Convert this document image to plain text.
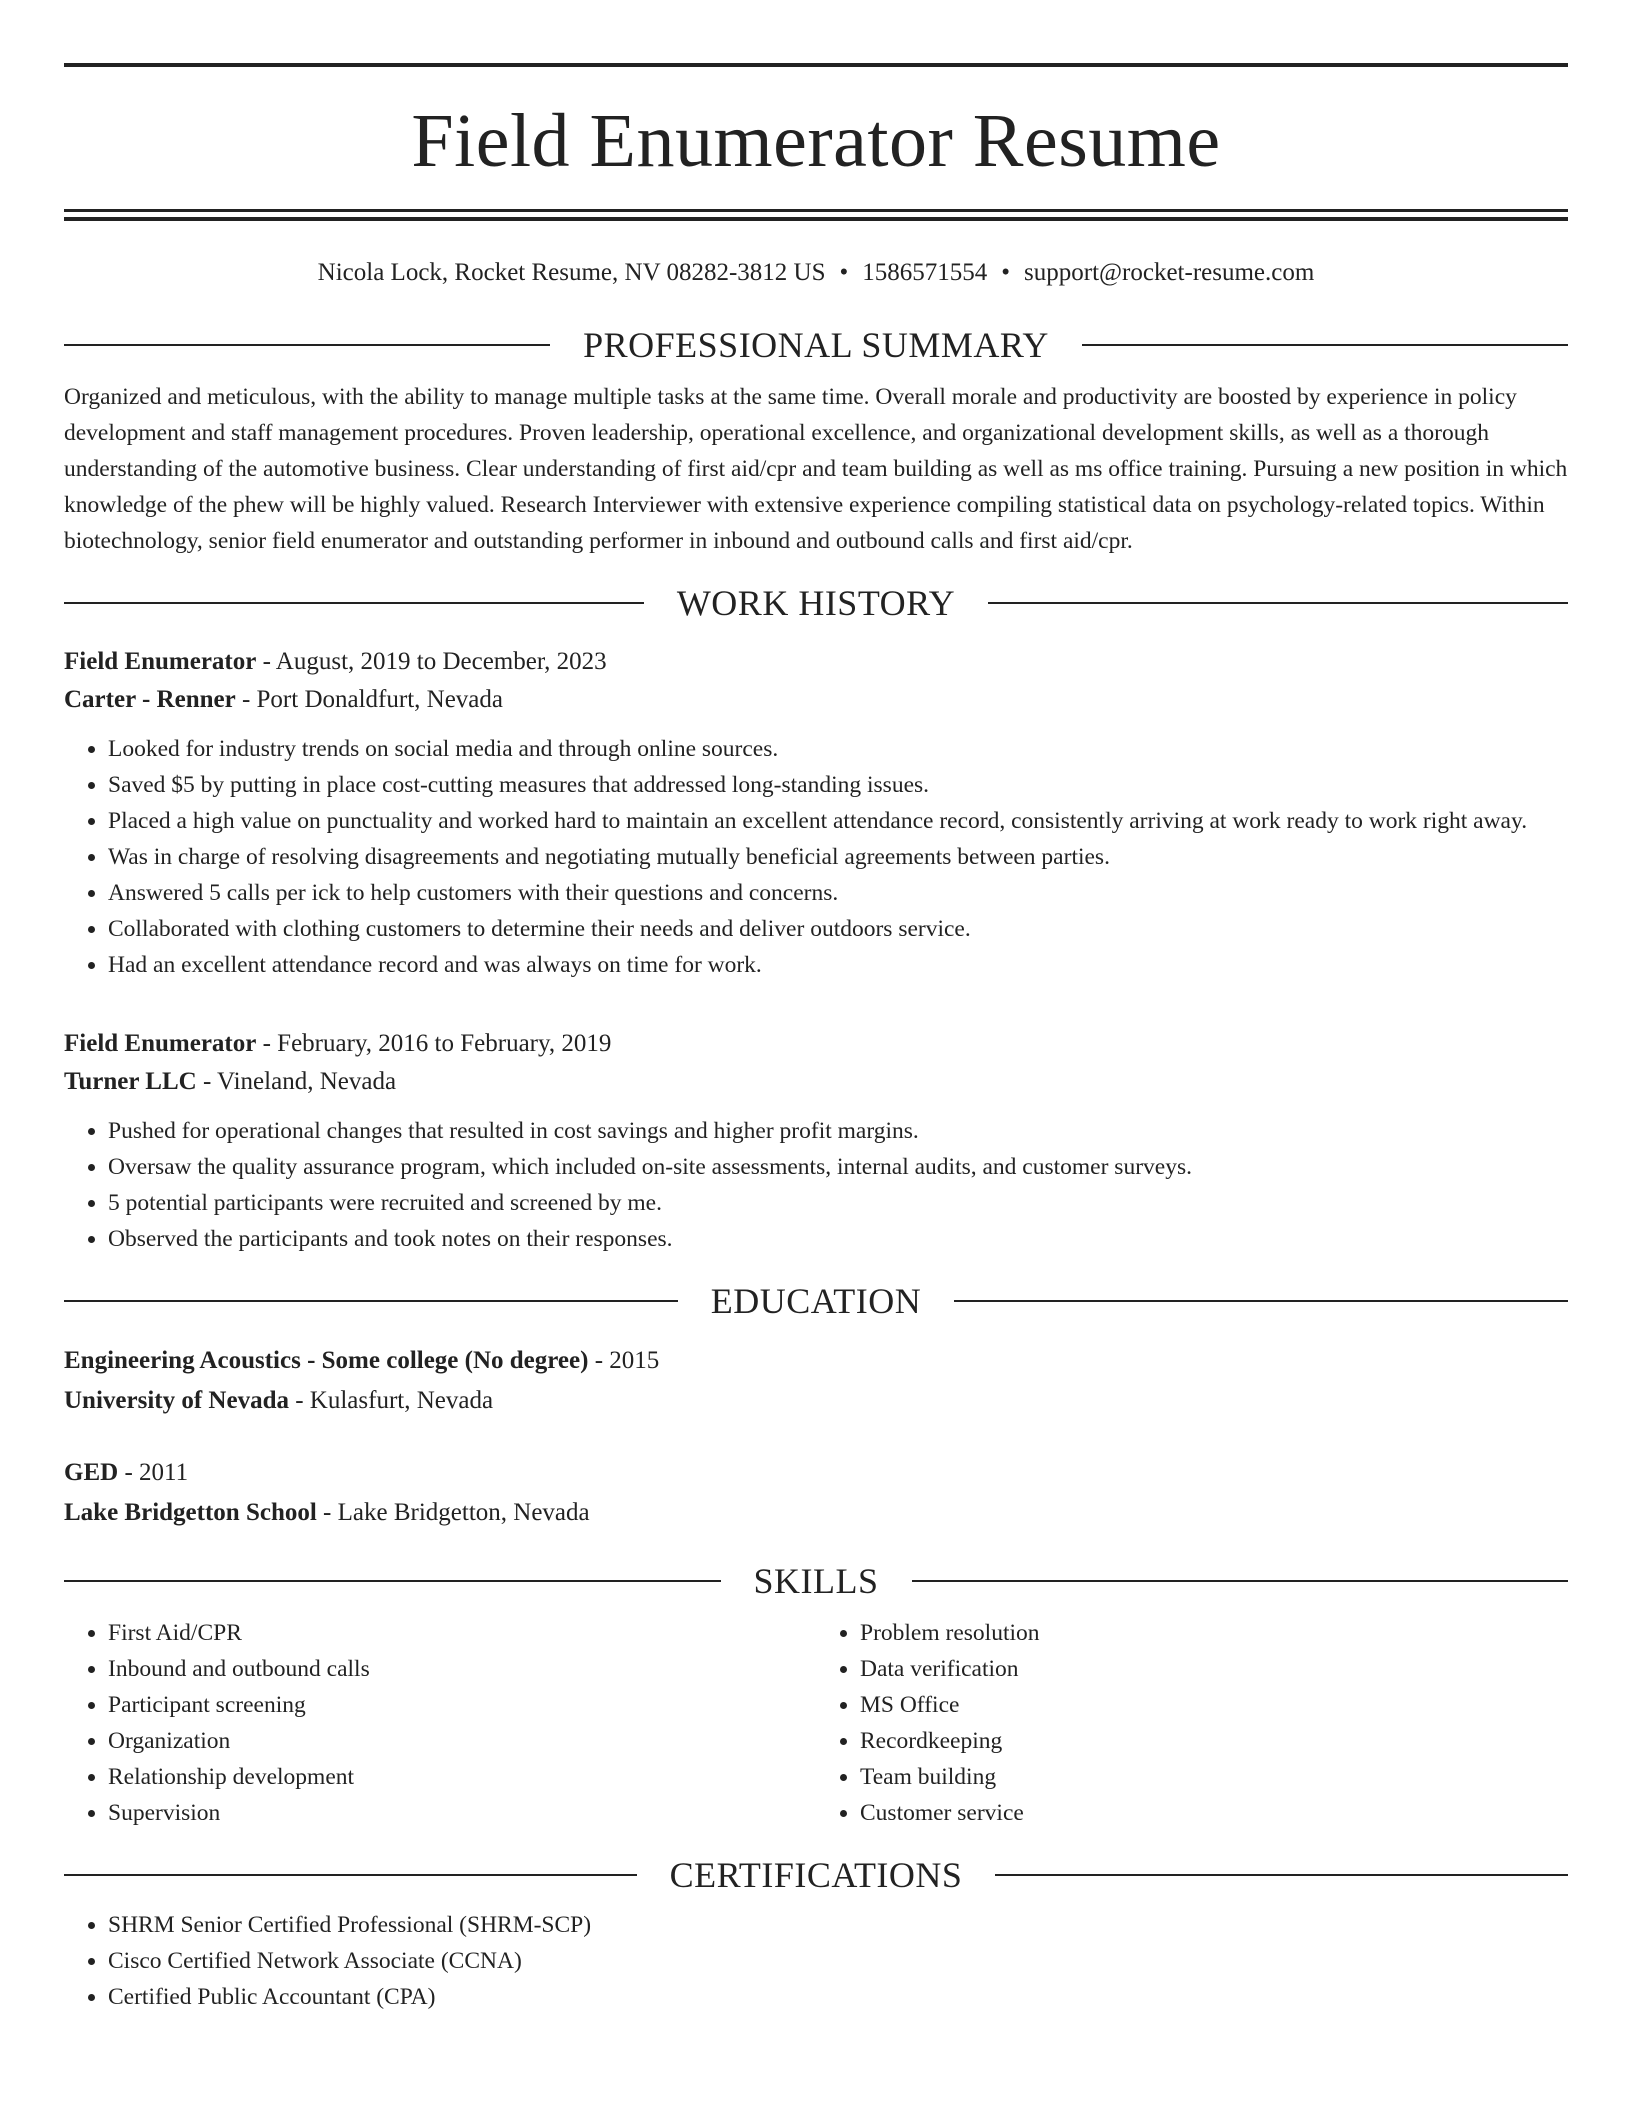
Field Enumerator Resume
Nicola Lock, Rocket Resume, NV 08282-3812 US • 1586571554 • support@rocket-resume.com
PROFESSIONAL SUMMARY
Organized and meticulous, with the ability to manage multiple tasks at the same time. Overall morale and productivity are boosted by experience in policy development and staff management procedures. Proven leadership, operational excellence, and organizational development skills, as well as a thorough understanding of the automotive business. Clear understanding of first aid/cpr and team building as well as ms office training. Pursuing a new position in which knowledge of the phew will be highly valued. Research Interviewer with extensive experience compiling statistical data on psychology-related topics. Within biotechnology, senior field enumerator and outstanding performer in inbound and outbound calls and first aid/cpr.
WORK HISTORY
Field Enumerator - August, 2019 to December, 2023
Carter - Renner - Port Donaldfurt, Nevada
• Looked for industry trends on social media and through online sources.
• Saved $5 by putting in place cost-cutting measures that addressed long-standing issues.
• Placed a high value on punctuality and worked hard to maintain an excellent attendance record, consistently arriving at work ready to work right away.
• Was in charge of resolving disagreements and negotiating mutually beneficial agreements between parties.
• Answered 5 calls per ick to help customers with their questions and concerns.
• Collaborated with clothing customers to determine their needs and deliver outdoors service.
• Had an excellent attendance record and was always on time for work.
Field Enumerator - February, 2016 to February, 2019
Turner LLC - Vineland, Nevada
• Pushed for operational changes that resulted in cost savings and higher profit margins.
• Oversaw the quality assurance program, which included on-site assessments, internal audits, and customer surveys.
• 5 potential participants were recruited and screened by me.
• Observed the participants and took notes on their responses.
EDUCATION
Engineering Acoustics - Some college (No degree) - 2015
University of Nevada - Kulasfurt, Nevada
GED - 2011
Lake Bridgetton School - Lake Bridgetton, Nevada
SKILLS
• First Aid/CPR
• Inbound and outbound calls
• Participant screening
• Organization
• Relationship development
• Supervision
• Problem resolution
• Data verification
• MS Office
• Recordkeeping
• Team building
• Customer service
CERTIFICATIONS
• SHRM Senior Certified Professional (SHRM-SCP)
• Cisco Certified Network Associate (CCNA)
• Certified Public Accountant (CPA)
